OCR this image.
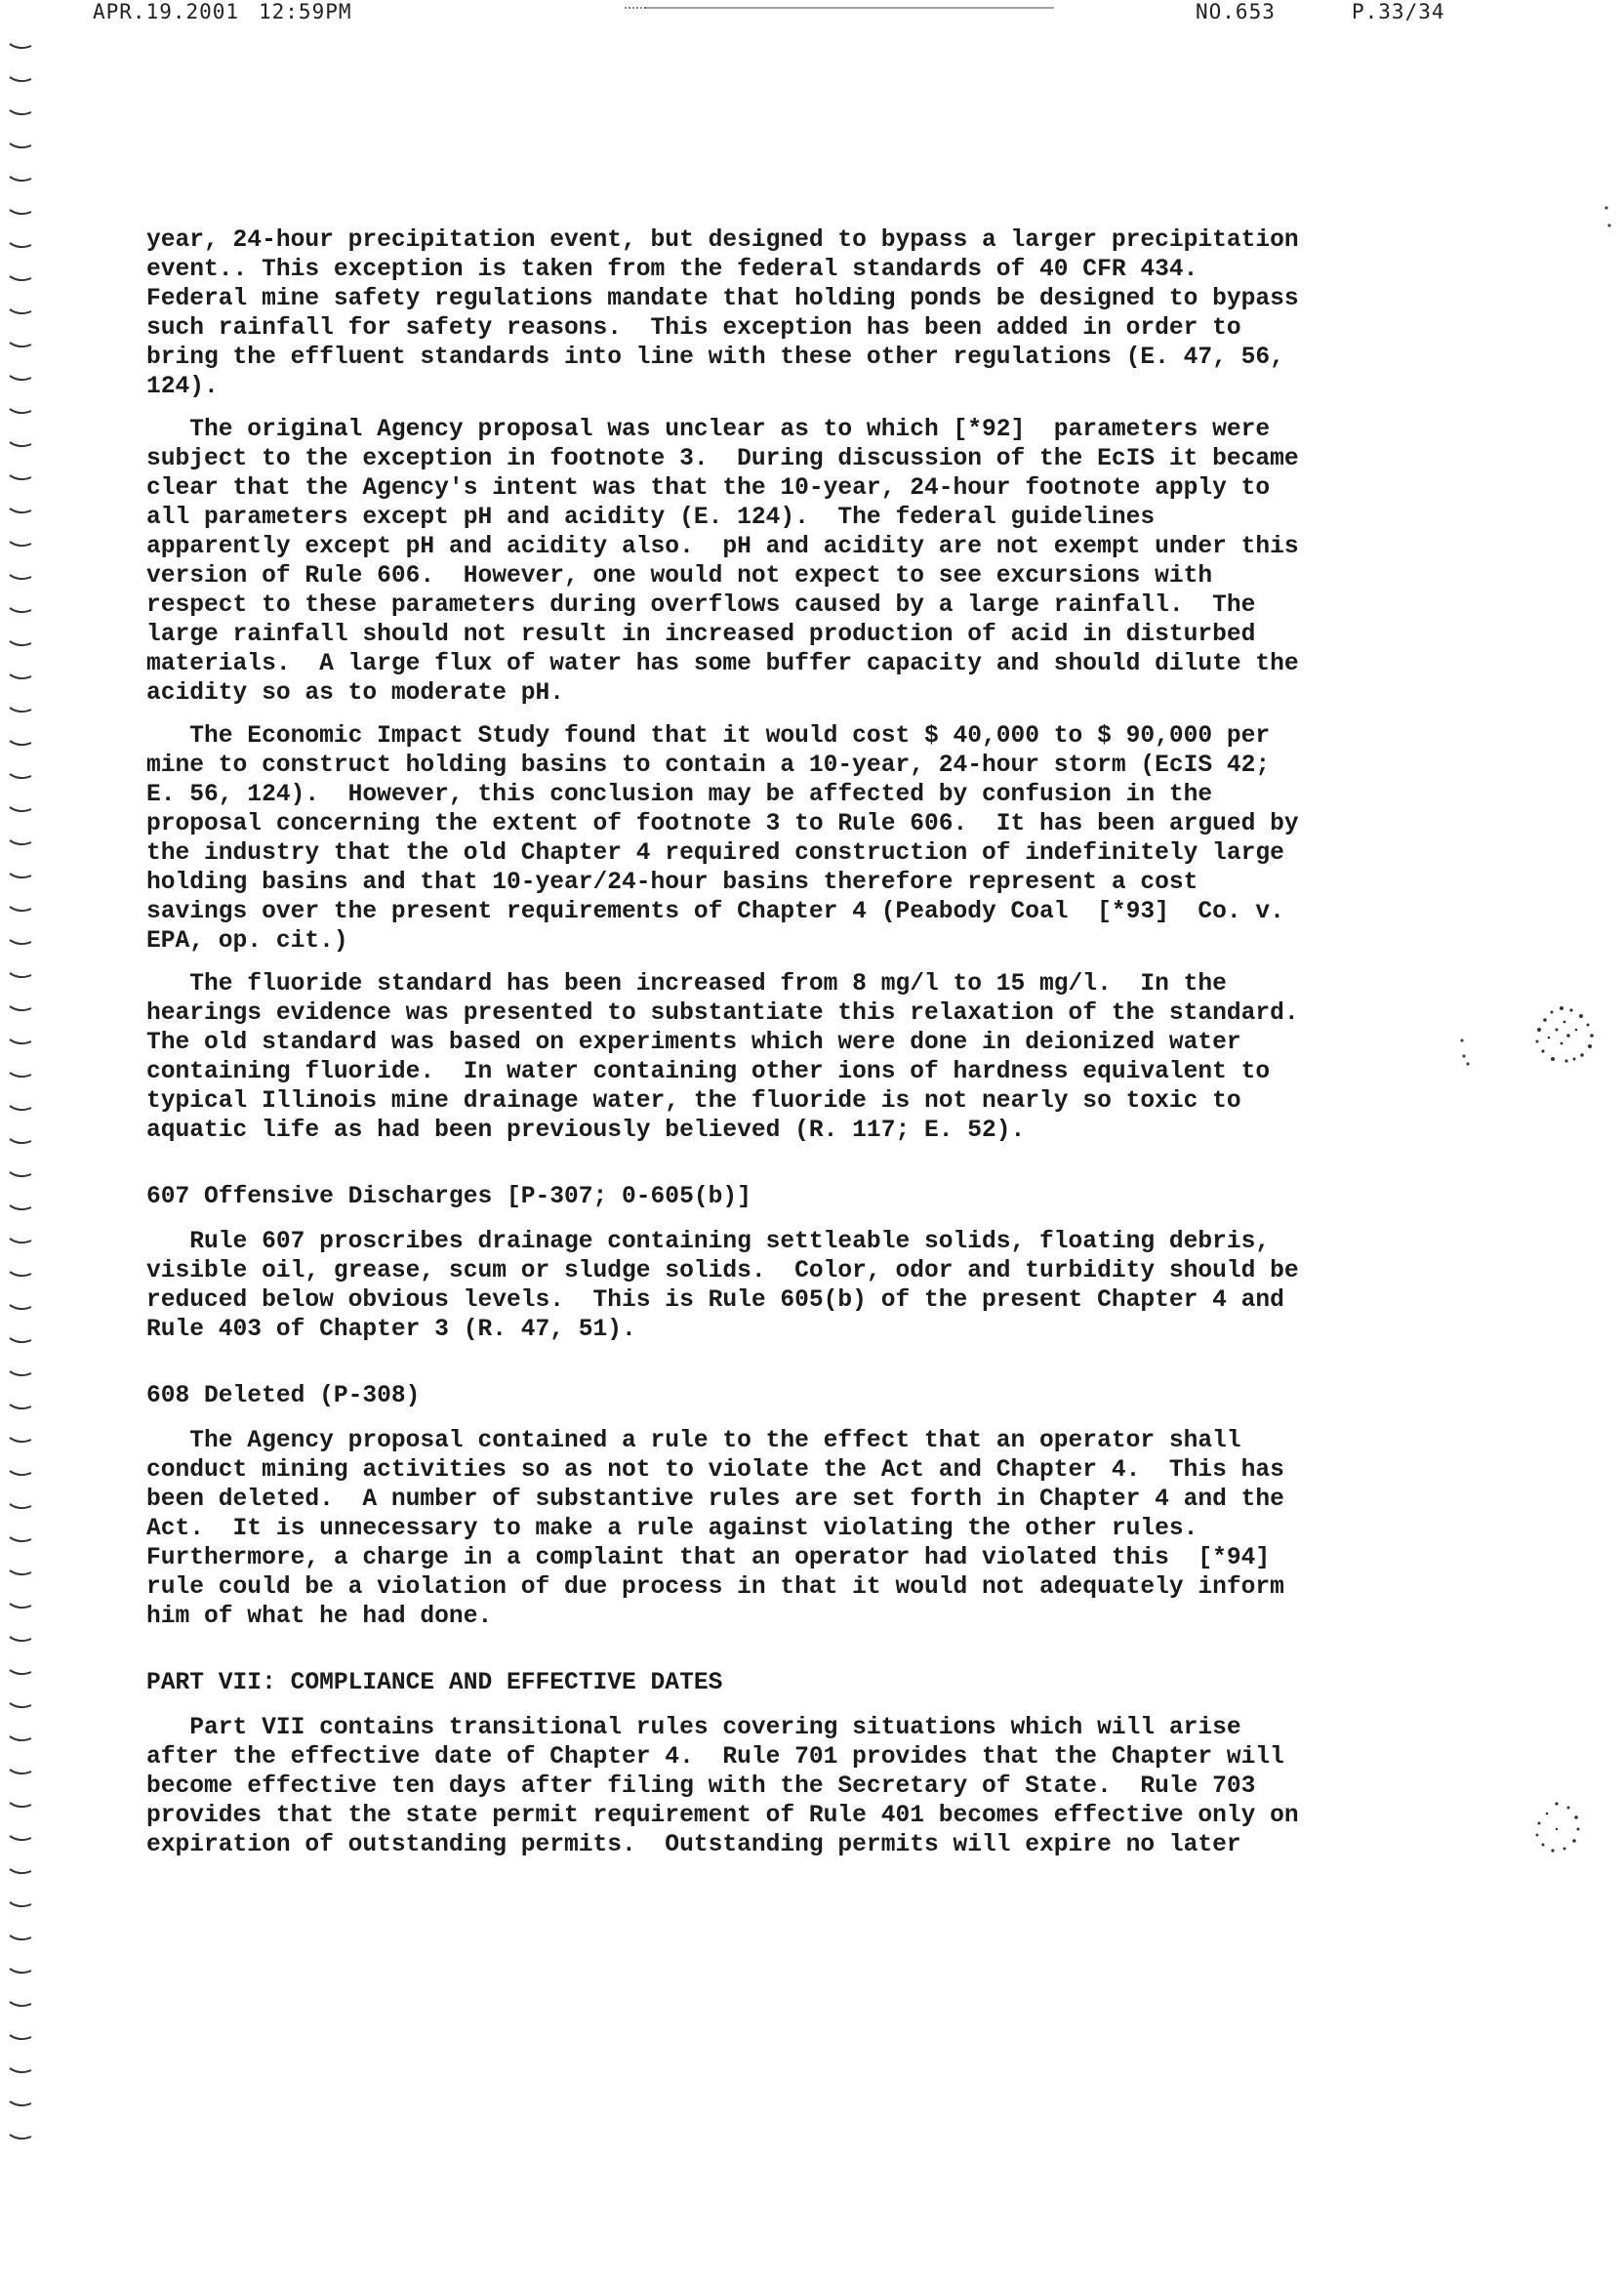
APR.19.2001 12:59PM	NO.653	P.33/34

year, 24-hour precipitation event, but designed to bypass a larger precipitation

event.. This exception is taken from the federal standards of 40 CFR 434.

Federal mine safety regulations mandate that holding ponds be designed to bypass

such rainfall for safety reasons.  This exception has been added in order to

bring the effluent standards into line with these other regulations (E. 47, 56,

124).

The original Agency proposal was unclear as to which [*92]  parameters were

subject to the exception in footnote 3.  During discussion of the EcIS it became

clear that the Agency's intent was that the 10-year, 24-hour footnote apply to

all parameters except pH and acidity (E. 124).  The federal guidelines

apparently except pH and acidity also.  pH and acidity are not exempt under this

version of Rule 606.  However, one would not expect to see excursions with

respect to these parameters during overflows caused by a large rainfall.  The

large rainfall should not result in increased production of acid in disturbed

materials.  A large flux of water has some buffer capacity and should dilute the

acidity so as to moderate pH.

The Economic Impact Study found that it would cost $ 40,000 to $ 90,000 per

mine to construct holding basins to contain a 10-year, 24-hour storm (EcIS 42;

E. 56, 124).  However, this conclusion may be affected by confusion in the

proposal concerning the extent of footnote 3 to Rule 606.  It has been argued by

the industry that the old Chapter 4 required construction of indefinitely large

holding basins and that 10-year/24-hour basins therefore represent a cost

savings over the present requirements of Chapter 4 (Peabody Coal  [*93]  Co. v.

EPA, op. cit.)

The fluoride standard has been increased from 8 mg/l to 15 mg/l.  In the

hearings evidence was presented to substantiate this relaxation of the standard.

The old standard was based on experiments which were done in deionized water

containing fluoride.  In water containing other ions of hardness equivalent to

typical Illinois mine drainage water, the fluoride is not nearly so toxic to

aquatic life as had been previously believed (R. 117; E. 52).

607 Offensive Discharges [P-307; 0-605(b)]

Rule 607 proscribes drainage containing settleable solids, floating debris,

visible oil, grease, scum or sludge solids.  Color, odor and turbidity should be

reduced below obvious levels.  This is Rule 605(b) of the present Chapter 4 and

Rule 403 of Chapter 3 (R. 47, 51).

608 Deleted (P-308)

The Agency proposal contained a rule to the effect that an operator shall

conduct mining activities so as not to violate the Act and Chapter 4.  This has

been deleted.  A number of substantive rules are set forth in Chapter 4 and the

Act.  It is unnecessary to make a rule against violating the other rules.

Furthermore, a charge in a complaint that an operator had violated this  [*94]

rule could be a violation of due process in that it would not adequately inform

him of what he had done.

PART VII: COMPLIANCE AND EFFECTIVE DATES

Part VII contains transitional rules covering situations which will arise

after the effective date of Chapter 4.  Rule 701 provides that the Chapter will

become effective ten days after filing with the Secretary of State.  Rule 703

provides that the state permit requirement of Rule 401 becomes effective only on

expiration of outstanding permits.  Outstanding permits will expire no later
